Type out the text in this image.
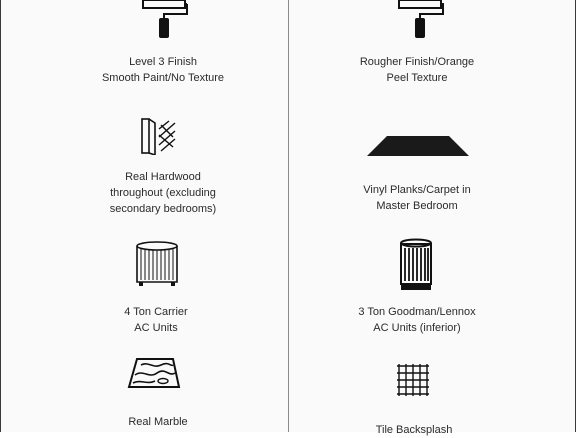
Level 3 Finish
Smooth Paint/No Texture
Real Hardwood
throughout (excluding
secondary bedrooms)
4 Ton Carrier
AC Units
Real Marble
Rougher Finish/Orange
Peel Texture
Vinyl Planks/Carpet in
Master Bedroom
3 Ton Goodman/Lennox
AC Units (inferior)
Tile Backsplash
